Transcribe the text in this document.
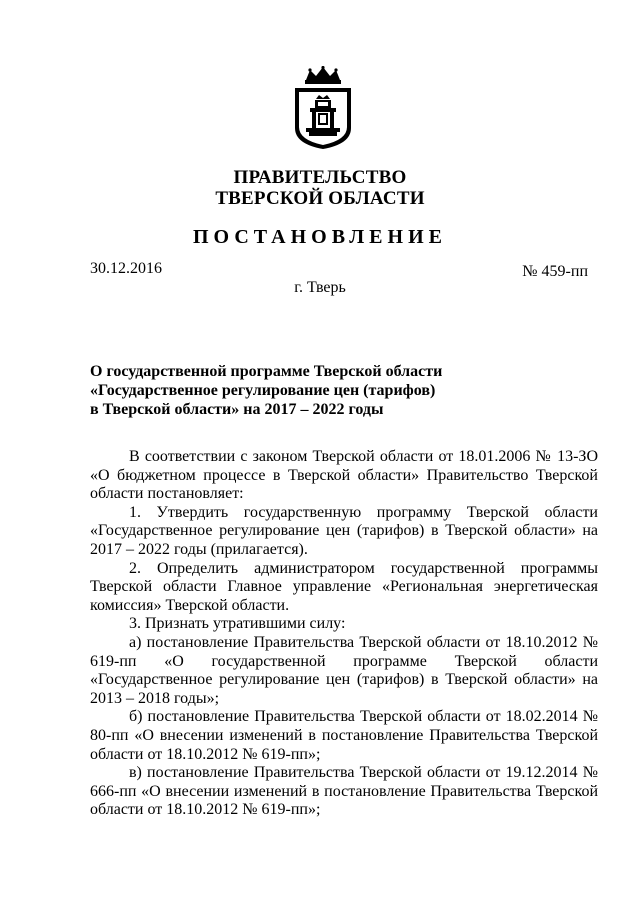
ПРАВИТЕЛЬСТВО
ТВЕРСКОЙ ОБЛАСТИ
ПОСТАНОВЛЕНИЕ
30.12.2016	№ 459-пп
г. Тверь
О государственной программе Тверской области
«Государственное регулирование цен (тарифов)
в Тверской области» на 2017 – 2022 годы

В соответствии с законом Тверской области от 18.01.2006 № 13-ЗО «О бюджетном процессе в Тверской области» Правительство Тверской области постановляет:

1. Утвердить государственную программу Тверской области «Государственное регулирование цен (тарифов) в Тверской области» на 2017 – 2022 годы (прилагается).

2. Определить администратором государственной программы Тверской области Главное управление «Региональная энергетическая комиссия» Тверской области.

3. Признать утратившими силу:

а) постановление Правительства Тверской области от 18.10.2012 № 619-пп «О государственной программе Тверской области «Государственное регулирование цен (тарифов) в Тверской области» на 2013 – 2018 годы»;

б) постановление Правительства Тверской области от 18.02.2014 № 80-пп «О внесении изменений в постановление Правительства Тверской области от 18.10.2012 № 619-пп»;

в) постановление Правительства Тверской области от 19.12.2014 № 666-пп «О внесении изменений в постановление Правительства Тверской области от 18.10.2012 № 619-пп»;
